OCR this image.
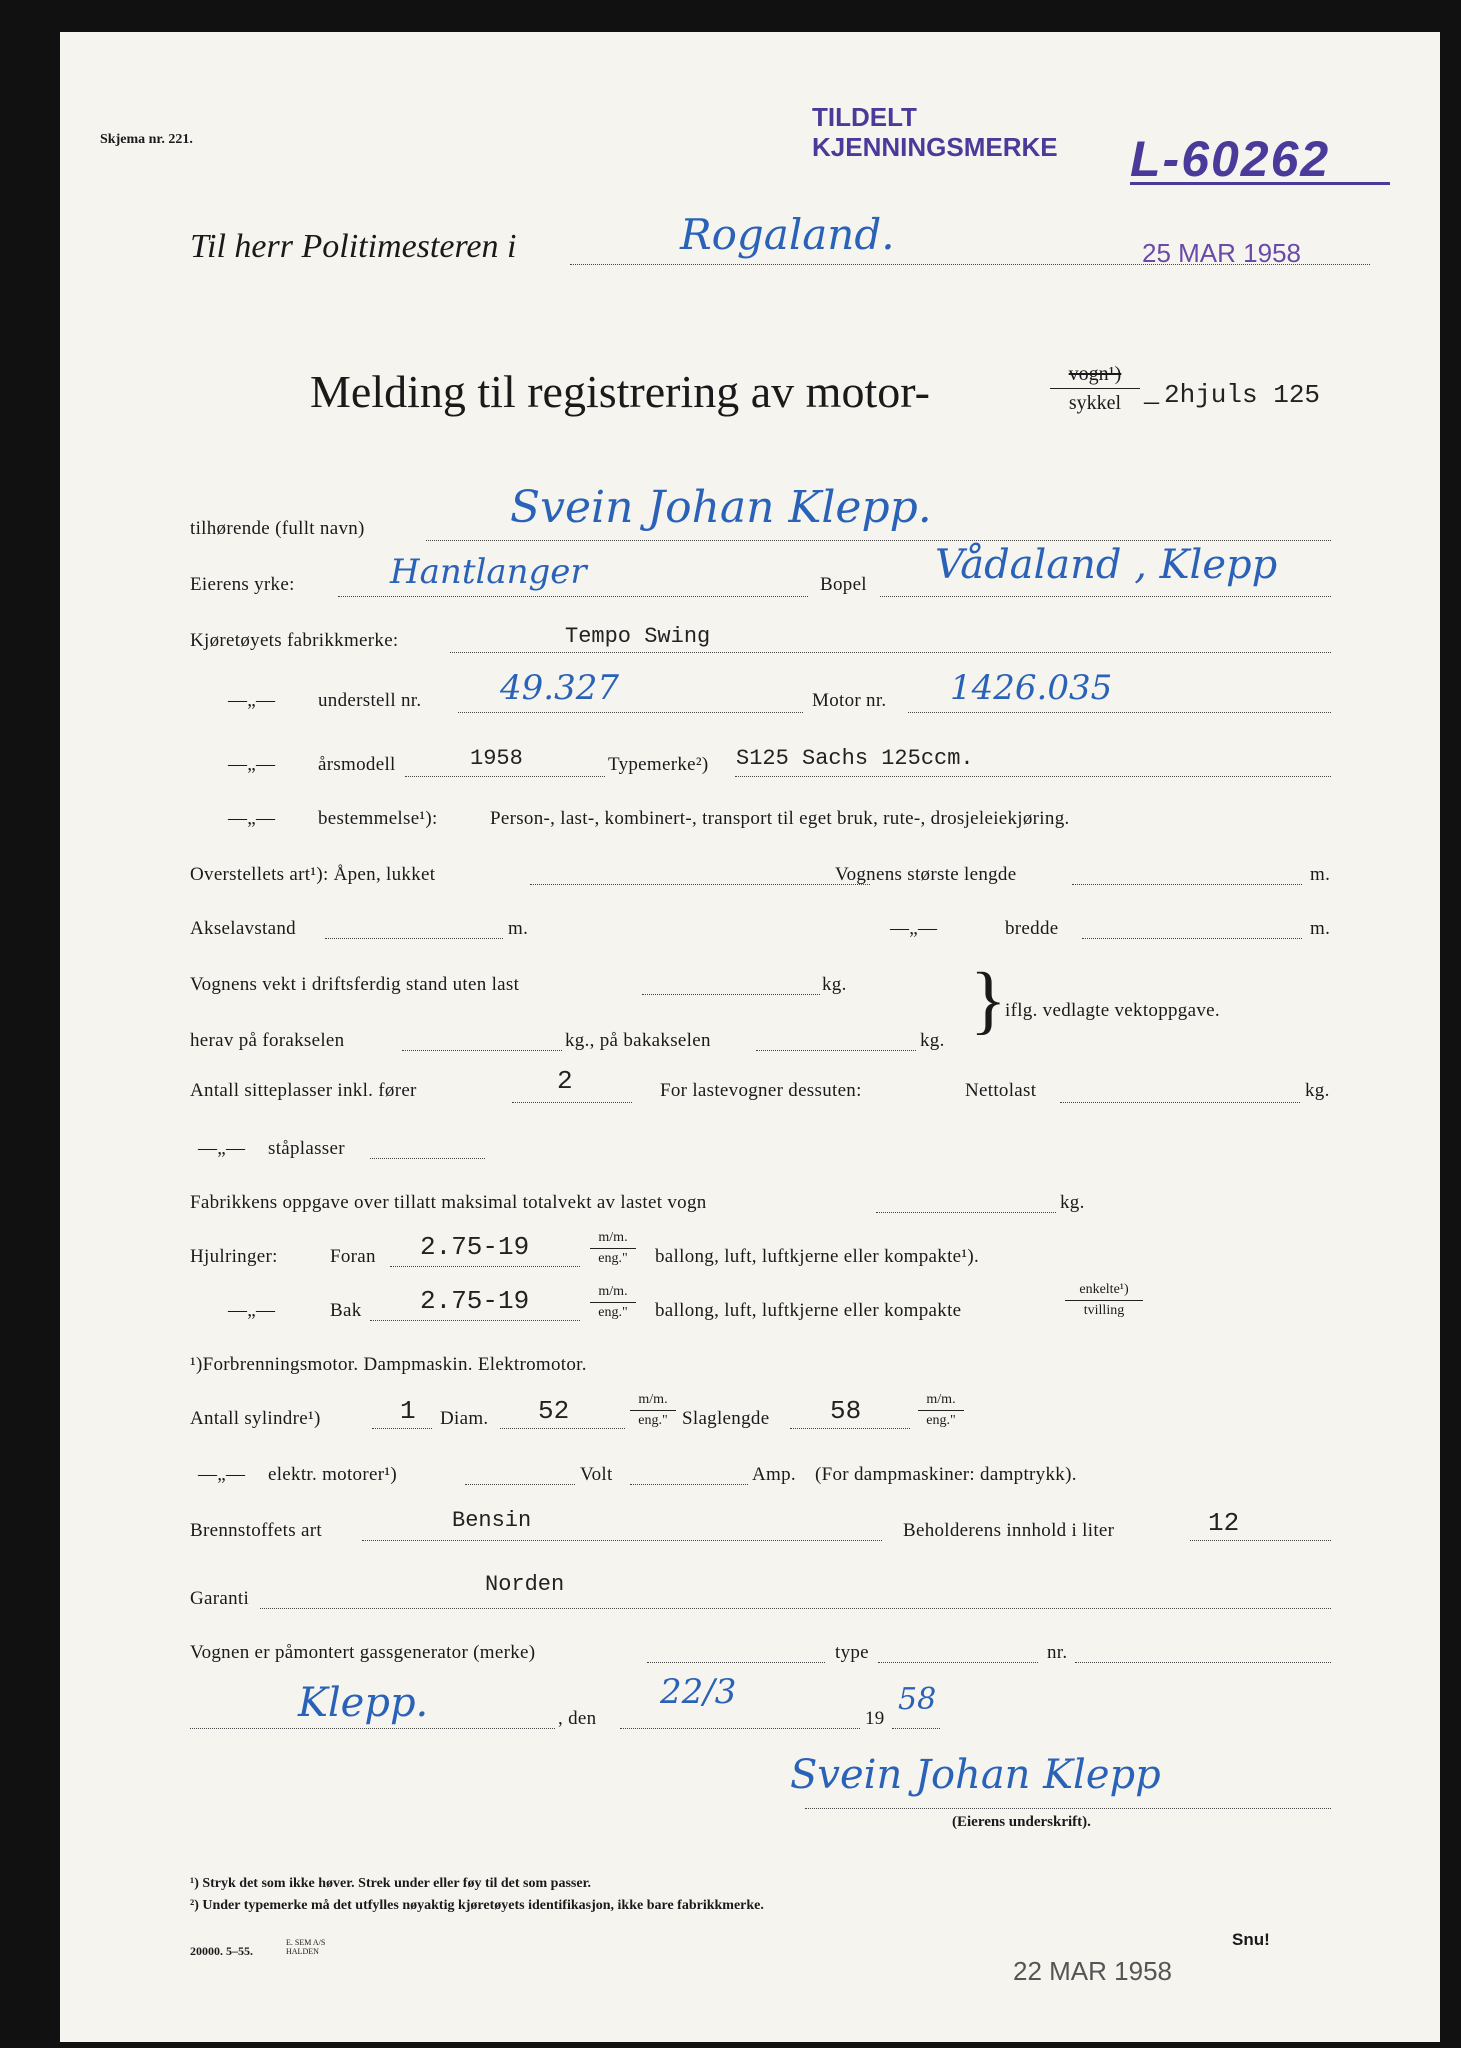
Skjema nr. 221.
TILDELT
KJENNINGSMERKE L-60262
Til herr Politimesteren i	Rogaland.	25 MAR 1958
Melding til registrering av motor-	vogn¹)
sykkel – 2hjuls 125
tilhørende (fullt navn)	Svein Johan Klepp.
Eierens yrke:	Hantlanger	Bopel Vådaland , Klepp
Kjøretøyets fabrikkmerke:	Tempo Swing
—„— understell nr. 49.327	Motor nr. 1426.035
—„— årsmodell	1958	Typemerke²) S125 Sachs 125ccm.
—„— bestemmelse¹):	Person-, last-, kombinert-, transport til eget bruk, rute-, drosjeleiekjøring.
Overstellets art¹): Åpen, lukket	Vognens største lengde	m.
Akselavstand	m.	—„—	bredde	m.
Vognens vekt i driftsferdig stand uten last	kg.
herav på forakselen	kg., på bakakselen	kg. }
iflg. vedlagte vektoppgave.
Antall sitteplasser inkl. fører	2	For lastevogner dessuten:	Nettolast	kg.
—„— ståplasser
Fabrikkens oppgave over tillatt maksimal totalvekt av lastet vogn	kg.
Hjulringer:	Foran 2.75-19	m/m.
eng."	ballong, luft, luftkjerne eller kompakte¹).
—„—	Bak 2.75-19	m/m.
eng."	ballong, luft, luftkjerne eller kompakte
enkelte¹)
tvilling
¹)Forbrenningsmotor. Dampmaskin. Elektromotor.
Antall sylindre¹)	1 Diam. 52	m/m.
eng." Slaglengde 58	m/m.
eng."
—„— elektr. motorer¹)	Volt	Amp. (For dampmaskiner: damptrykk).
Brennstoffets art	Bensin	Beholderens innhold i liter	12
Garanti
Norden
Vognen er påmontert gassgenerator (merke)	type	nr.
Klepp.	, den
22/3
19
58
Svein Johan Klepp
(Eierens underskrift).
¹) Stryk det som ikke høver. Strek under eller føy til det som passer.
²) Under typemerke må det utfylles nøyaktig kjøretøyets identifikasjon, ikke bare fabrikkmerke.
20000. 5–55.
E. SEM A/S HALDEN
22 MAR 1958
Snu!
